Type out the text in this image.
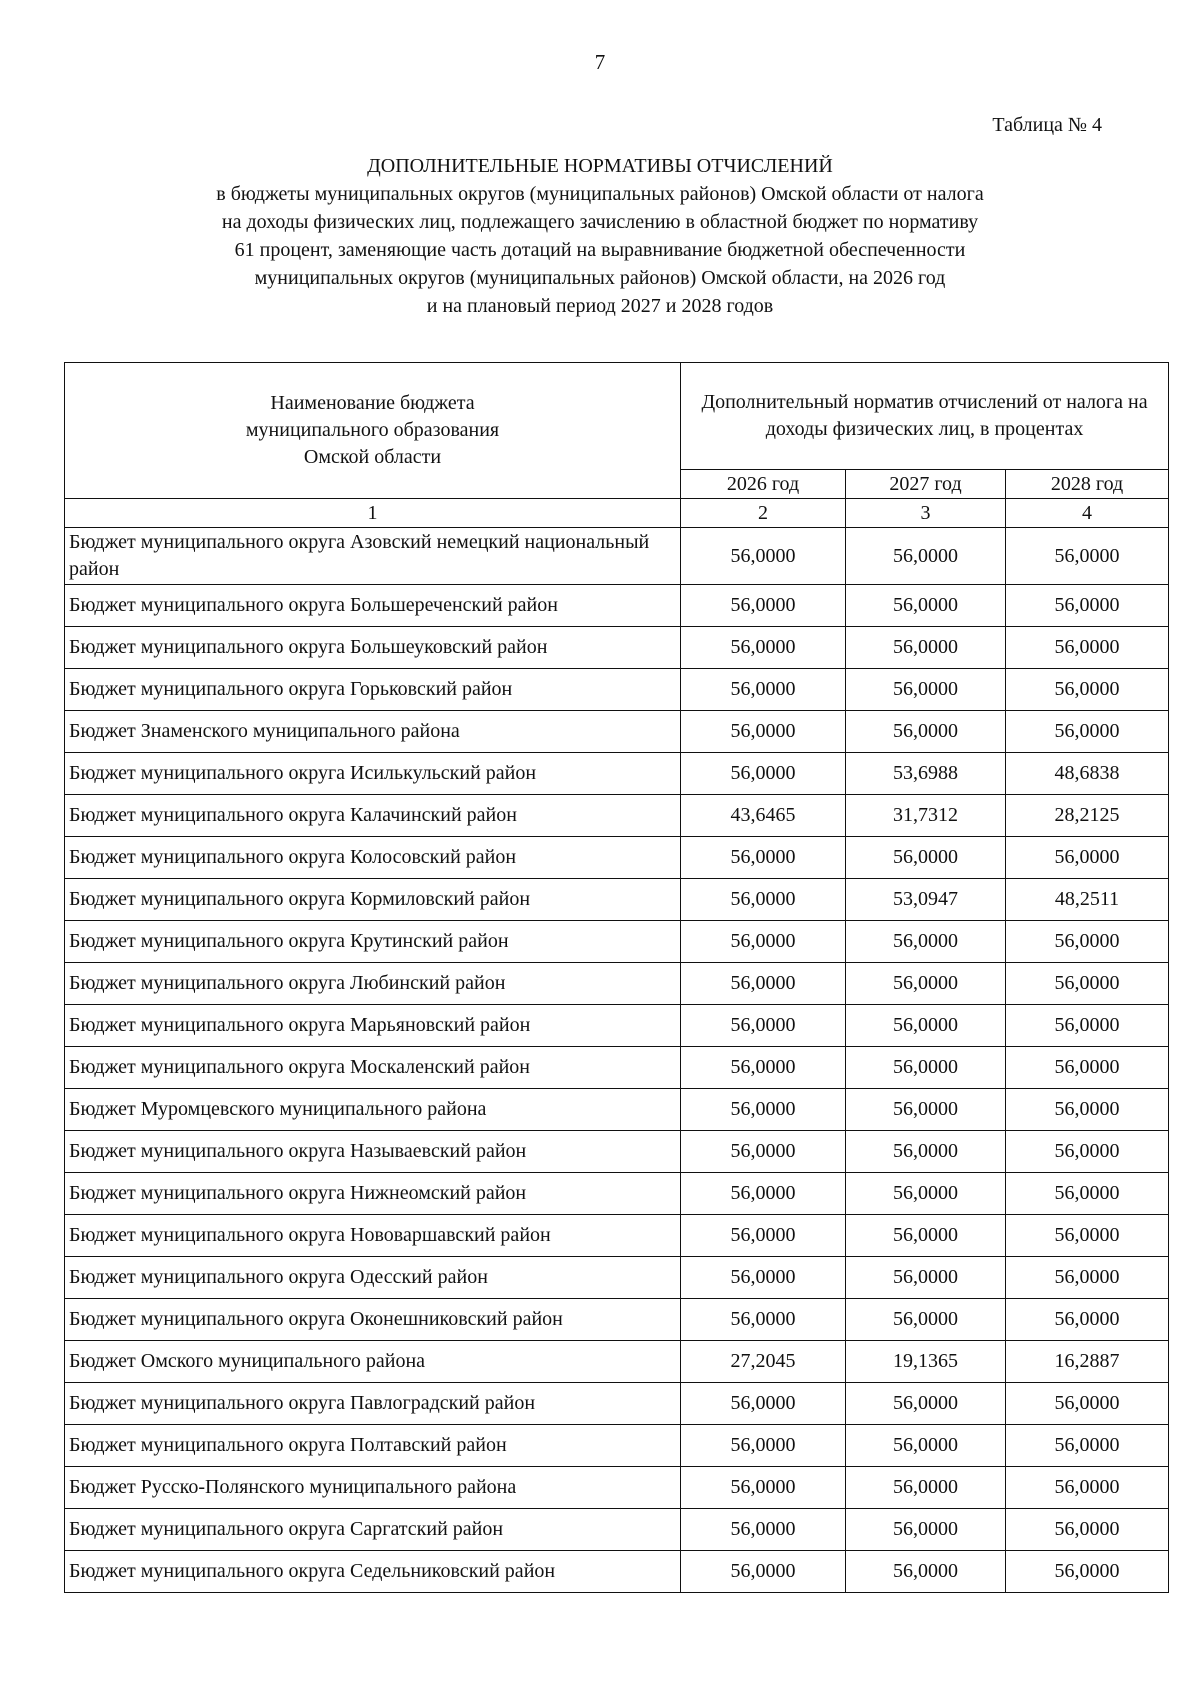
7
Таблица № 4
ДОПОЛНИТЕЛЬНЫЕ НОРМАТИВЫ ОТЧИСЛЕНИЙ
в бюджеты муниципальных округов (муниципальных районов) Омской области от налога
на доходы физических лиц, подлежащего зачислению в областной бюджет по нормативу
61 процент, заменяющие часть дотаций на выравнивание бюджетной обеспеченности
муниципальных округов (муниципальных районов) Омской области, на 2026 год
и на плановый период 2027 и 2028 годов
Наименование бюджета муниципального образования Омской области	Дополнительный норматив отчислений от налога на доходы физических лиц, в процентах		
	2026 год	2027 год	2028 год
1	2	3	4
Бюджет муниципального округа Азовский немецкий национальный район	56,0000	56,0000	56,0000
Бюджет муниципального округа Большереченский район	56,0000	56,0000	56,0000
Бюджет муниципального округа Большеуковский район	56,0000	56,0000	56,0000
Бюджет муниципального округа Горьковский район	56,0000	56,0000	56,0000
Бюджет Знаменского муниципального района	56,0000	56,0000	56,0000
Бюджет муниципального округа Исилькульский район	56,0000	53,6988	48,6838
Бюджет муниципального округа Калачинский район	43,6465	31,7312	28,2125
Бюджет муниципального округа Колосовский район	56,0000	56,0000	56,0000
Бюджет муниципального округа Кормиловский район	56,0000	53,0947	48,2511
Бюджет муниципального округа Крутинский район	56,0000	56,0000	56,0000
Бюджет муниципального округа Любинский район	56,0000	56,0000	56,0000
Бюджет муниципального округа Марьяновский район	56,0000	56,0000	56,0000
Бюджет муниципального округа Москаленский район	56,0000	56,0000	56,0000
Бюджет Муромцевского муниципального района	56,0000	56,0000	56,0000
Бюджет муниципального округа Называевский район	56,0000	56,0000	56,0000
Бюджет муниципального округа Нижнеомский район	56,0000	56,0000	56,0000
Бюджет муниципального округа Нововаршавский район	56,0000	56,0000	56,0000
Бюджет муниципального округа Одесский район	56,0000	56,0000	56,0000
Бюджет муниципального округа Оконешниковский район	56,0000	56,0000	56,0000
Бюджет Омского муниципального района	27,2045	19,1365	16,2887
Бюджет муниципального округа Павлоградский район	56,0000	56,0000	56,0000
Бюджет муниципального округа Полтавский район	56,0000	56,0000	56,0000
Бюджет Русско-Полянского муниципального района	56,0000	56,0000	56,0000
Бюджет муниципального округа Саргатский район	56,0000	56,0000	56,0000
Бюджет муниципального округа Седельниковский район	56,0000	56,0000	56,0000
